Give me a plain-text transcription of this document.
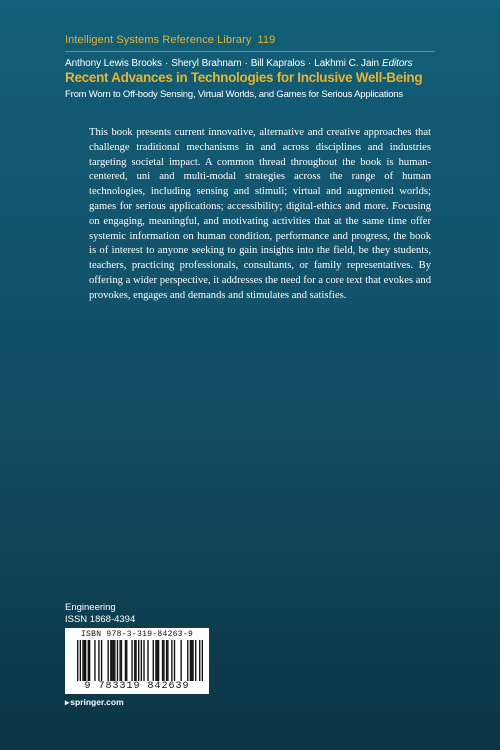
Intelligent Systems Reference Library 119
Anthony Lewis Brooks · Sheryl Brahnam · Bill Kapralos · Lakhmi C. Jain Editors
Recent Advances in Technologies for Inclusive Well-Being
From Worn to Off-body Sensing, Virtual Worlds, and Games for Serious Applications

This book presents current innovative, alternative and creative approaches that challenge traditional mechanisms in and across disciplines and industries targeting societal impact. A common thread throughout the book is human-centered, uni and multi-modal strategies across the range of human technologies, including sensing and stimuli; virtual and augmented worlds; games for serious applications; accessibility; digital-ethics and more. Focusing on engaging, meaningful, and motivating activities that at the same time offer systemic information on human condition, performance and progress, the book is of interest to anyone seeking to gain insights into the field, be they students, teachers, practicing professionals, consultants, or family representatives. By offering a wider perspective, it addresses the need for a core text that evokes and provokes, engages and demands and stimulates and satisfies.

Engineering
ISSN 1868-4394
ISBN 978-3-319-84263-9
9 783319 842639
▸springer.com
